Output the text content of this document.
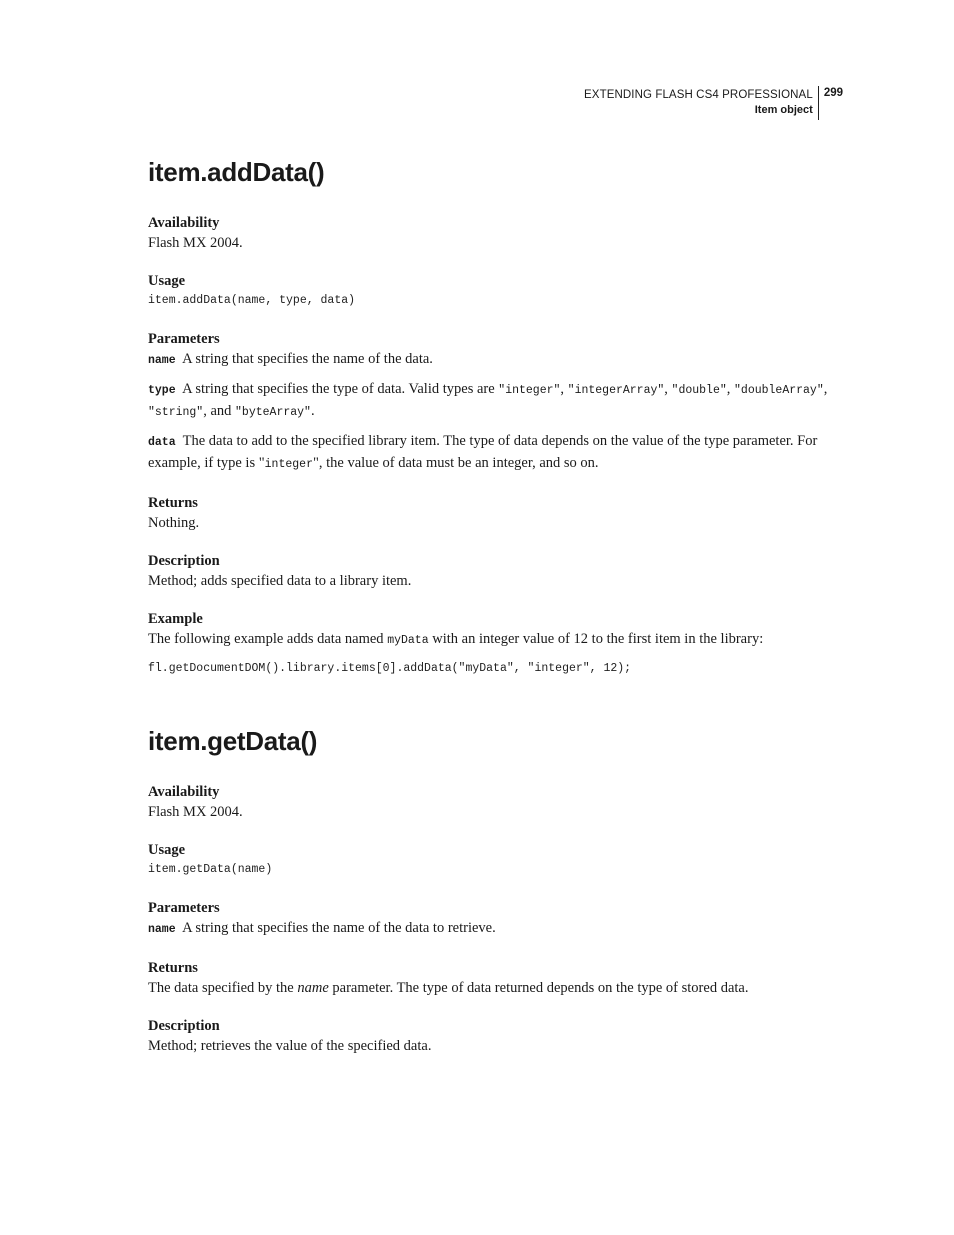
EXTENDING FLASH CS4 PROFESSIONAL
Item object
299
item.addData()
Availability

Flash MX 2004.

Usage
item.addData(name, type, data)
Parameters

name A string that specifies the name of the data.

type A string that specifies the type of data. Valid types are "integer", "integerArray", "double", "doubleArray", "string", and "byteArray".

data The data to add to the specified library item. The type of data depends on the value of the type parameter. For example, if type is "integer", the value of data must be an integer, and so on.

Returns

Nothing.

Description

Method; adds specified data to a library item.

Example

The following example adds data named myData with an integer value of 12 to the first item in the library:

fl.getDocumentDOM().library.items[0].addData("myData", "integer", 12);
item.getData()
Availability

Flash MX 2004.

Usage
item.getData(name)
Parameters

name A string that specifies the name of the data to retrieve.

Returns

The data specified by the name parameter. The type of data returned depends on the type of stored data.

Description

Method; retrieves the value of the specified data.
